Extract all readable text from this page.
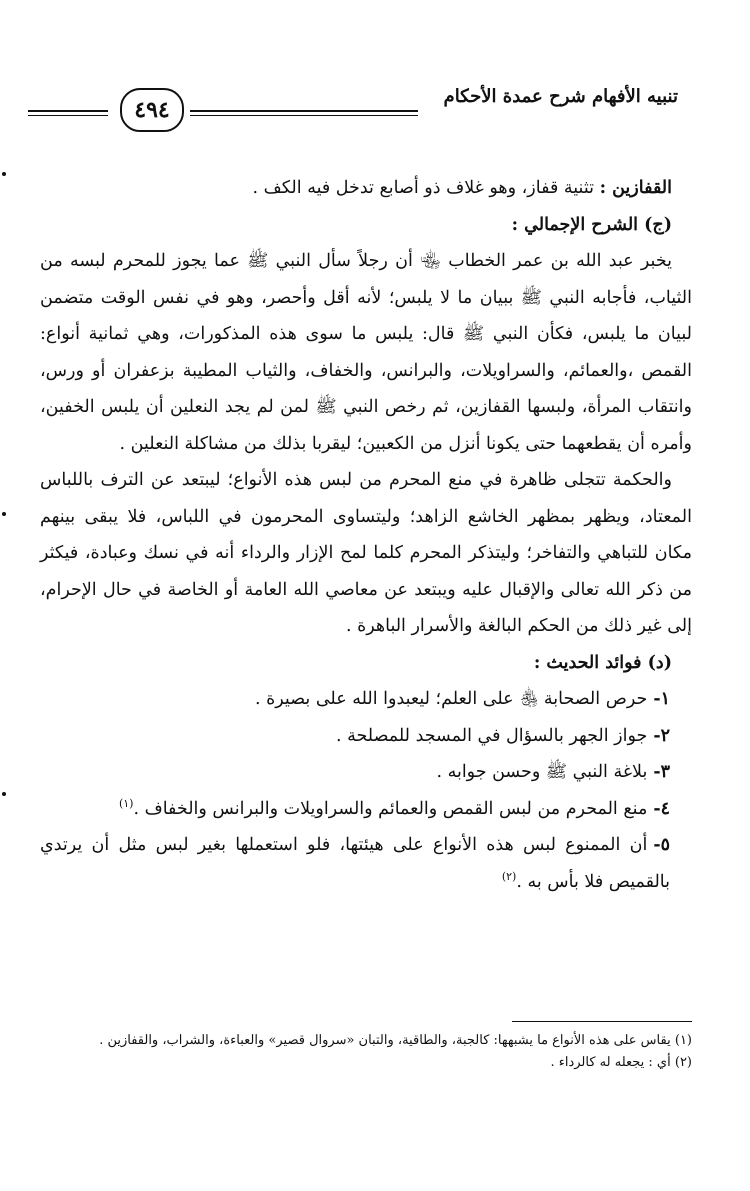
٤٩٤
تنبيه الأفهام شرح عمدة الأحكام

القفازين : تثنية قفاز، وهو غلاف ذو أصابع تدخل فيه الكف .

(ج) الشرح الإجمالي :

يخبر عبد الله بن عمر الخطاب ﵄ أن رجلاً سأل النبي ﷺ عما يجوز للمحرم لبسه من الثياب، فأجابه النبي ﷺ ببيان ما لا يلبس؛ لأنه أقل وأحصر، وهو في نفس الوقت متضمن لبيان ما يلبس، فكأن النبي ﷺ قال: يلبس ما سوى هذه المذكورات، وهي ثمانية أنواع: القمص ،والعمائم، والسراويلات، والبرانس، والخفاف، والثياب المطيبة بزعفران أو ورس، وانتقاب المرأة، ولبسها القفازين، ثم رخص النبي ﷺ لمن لم يجد النعلين أن يلبس الخفين، وأمره أن يقطعهما حتى يكونا أنزل من الكعبين؛ ليقربا بذلك من مشاكلة النعلين .

والحكمة تتجلى ظاهرة في منع المحرم من لبس هذه الأنواع؛ ليبتعد عن الترف باللباس المعتاد، ويظهر بمظهر الخاشع الزاهد؛ وليتساوى المحرمون في اللباس، فلا يبقى بينهم مكان للتباهي والتفاخر؛ وليتذكر المحرم كلما لمح الإزار والرداء أنه في نسك وعبادة، فيكثر من ذكر الله تعالى والإقبال عليه ويبتعد عن معاصي الله العامة أو الخاصة في حال الإحرام، إلى غير ذلك من الحكم البالغة والأسرار الباهرة .

(د) فوائد الحديث :

١-حرص الصحابة ﵃ على العلم؛ ليعبدوا الله على بصيرة .
٢-جواز الجهر بالسؤال في المسجد للمصلحة .
٣-بلاغة النبي ﷺ وحسن جوابه .
٤-منع المحرم من لبس القمص والعمائم والسراويلات والبرانس والخفاف .$^{(١)}$
٥-أن الممنوع لبس هذه الأنواع على هيئتها، فلو استعملها بغير لبس مثل أن يرتدي بالقميص فلا بأس به .$^{(٢)}$

(١) يقاس على هذه الأنواع ما يشبهها: كالجبة، والطاقية، والتبان «سروال قصير» والعباءة، والشراب، والقفازين .

(٢) أي : يجعله له كالرداء .
